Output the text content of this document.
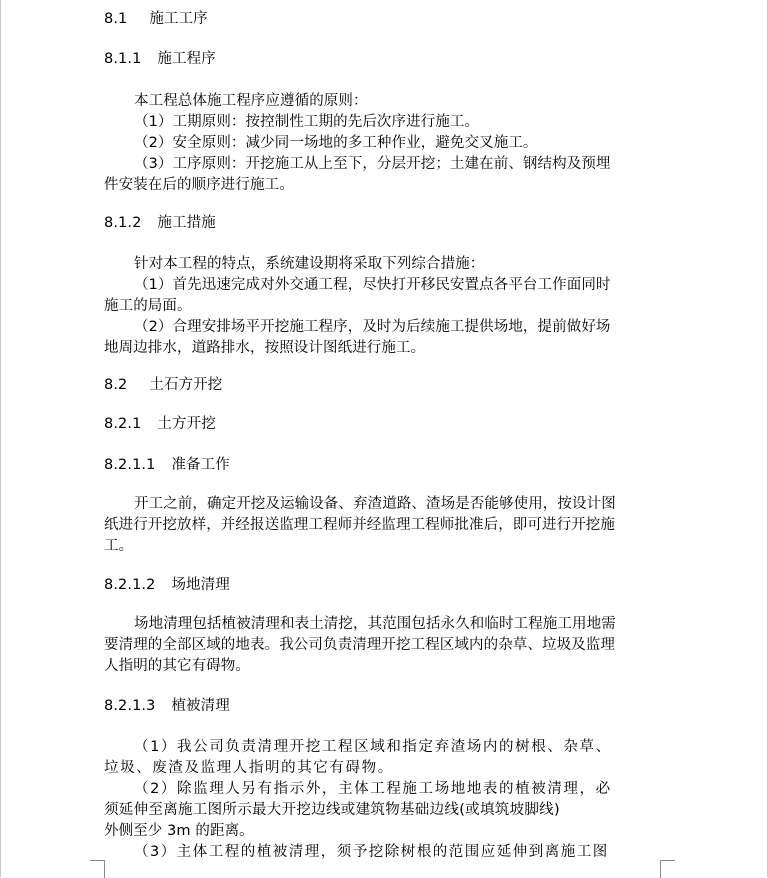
8.1 施工工序
8.1.1 施工程序
本工程总体施工程序应遵循的原则：
（1）工期原则：按控制性工期的先后次序进行施工。
（2）安全原则：减少同一场地的多工种作业，避免交叉施工。
（3）工序原则：开挖施工从上至下，分层开挖；土建在前、钢结构及预埋
件安装在后的顺序进行施工。
8.1.2 施工措施
针对本工程的特点，系统建设期将采取下列综合措施：
（1）首先迅速完成对外交通工程，尽快打开移民安置点各平台工作面同时
施工的局面。
（2）合理安排场平开挖施工程序，及时为后续施工提供场地，提前做好场
地周边排水，道路排水，按照设计图纸进行施工。
8.2 土石方开挖
8.2.1 土方开挖
8.2.1.1 准备工作
开工之前，确定开挖及运输设备、弃渣道路、渣场是否能够使用，按设计图
纸进行开挖放样，并经报送监理工程师并经监理工程师批准后，即可进行开挖施
工。
8.2.1.2 场地清理
场地清理包括植被清理和表土清挖，其范围包括永久和临时工程施工用地需
要清理的全部区域的地表。我公司负责清理开挖工程区域内的杂草、垃圾及监理
人指明的其它有碍物。
8.2.1.3 植被清理
（1）我公司负责清理开挖工程区域和指定弃渣场内的树根、杂草、
垃圾、废渣及监理人指明的其它有碍物。
（2）除监理人另有指示外，主体工程施工场地地表的植被清理，必
须延伸至离施工图所示最大开挖边线或建筑物基础边线(或填筑坡脚线)
外侧至少 3m 的距离。
（3）主体工程的植被清理，须予挖除树根的范围应延伸到离施工图
